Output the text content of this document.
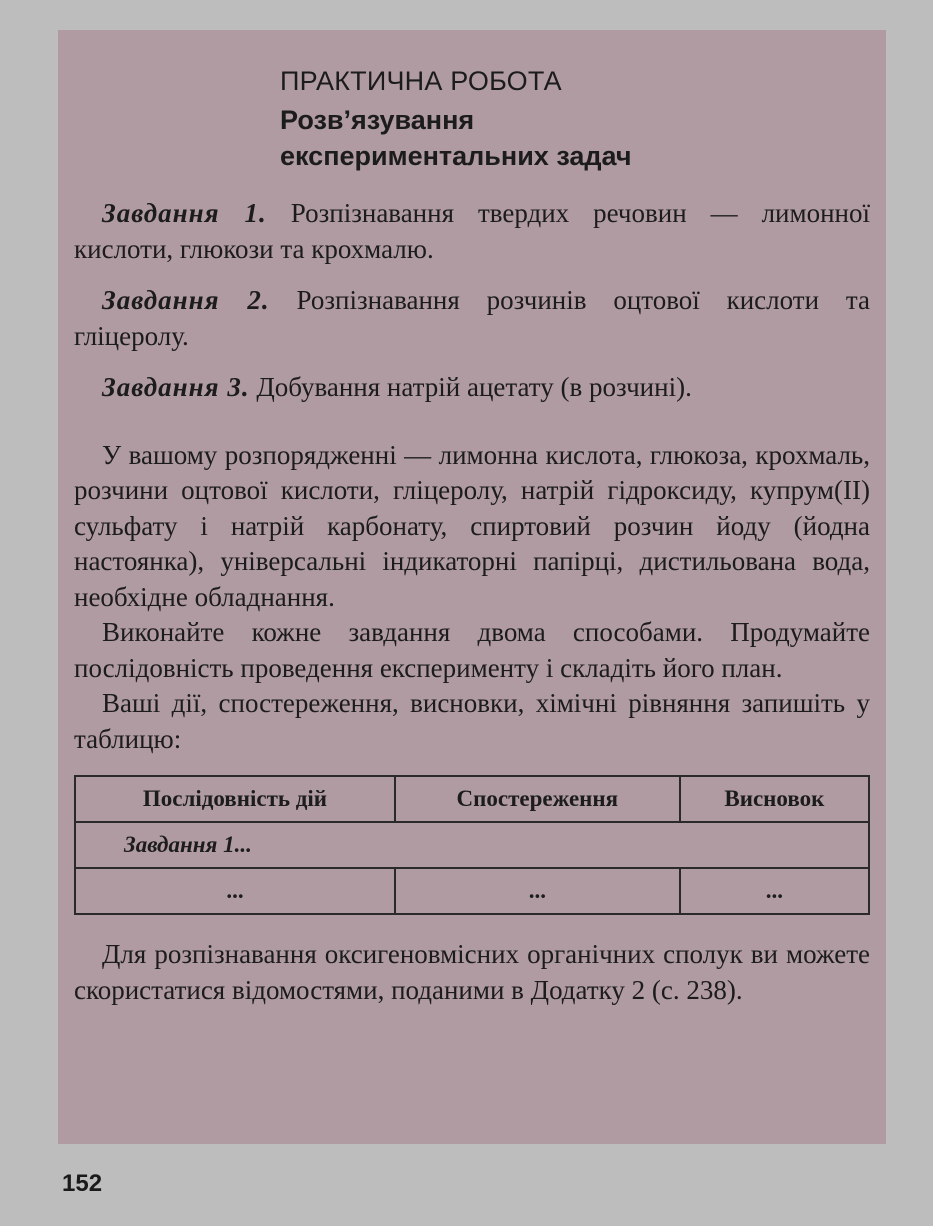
ПРАКТИЧНА РОБОТА

Розв’язування
експериментальних задач

Завдання 1. Розпізнавання твердих речовин — лимонної кислоти, глюкози та крохмалю.

Завдання 2. Розпізнавання розчинів оцтової кислоти та гліцеролу.

Завдання 3. Добування натрій ацетату (в розчині).

У вашому розпорядженні — лимонна кислота, глюкоза, крохмаль, розчини оцтової кислоти, гліцеролу, натрій гідроксиду, купрум(ІІ) сульфату і натрій карбонату, спиртовий розчин йоду (йодна настоянка), універсальні індикаторні папірці, дистильована вода, необхідне обладнання.

Виконайте кожне завдання двома способами. Продумайте послідовність проведення експерименту і складіть його план.

Ваші дії, спостереження, висновки, хімічні рівняння запишіть у таблицю:

Послідовність дій	Спостереження	Висновок
Завдання 1...		
...	...	...

Для розпізнавання оксигеновмісних органічних сполук ви можете скористатися відомостями, поданими в Додатку 2 (с. 238).

152
